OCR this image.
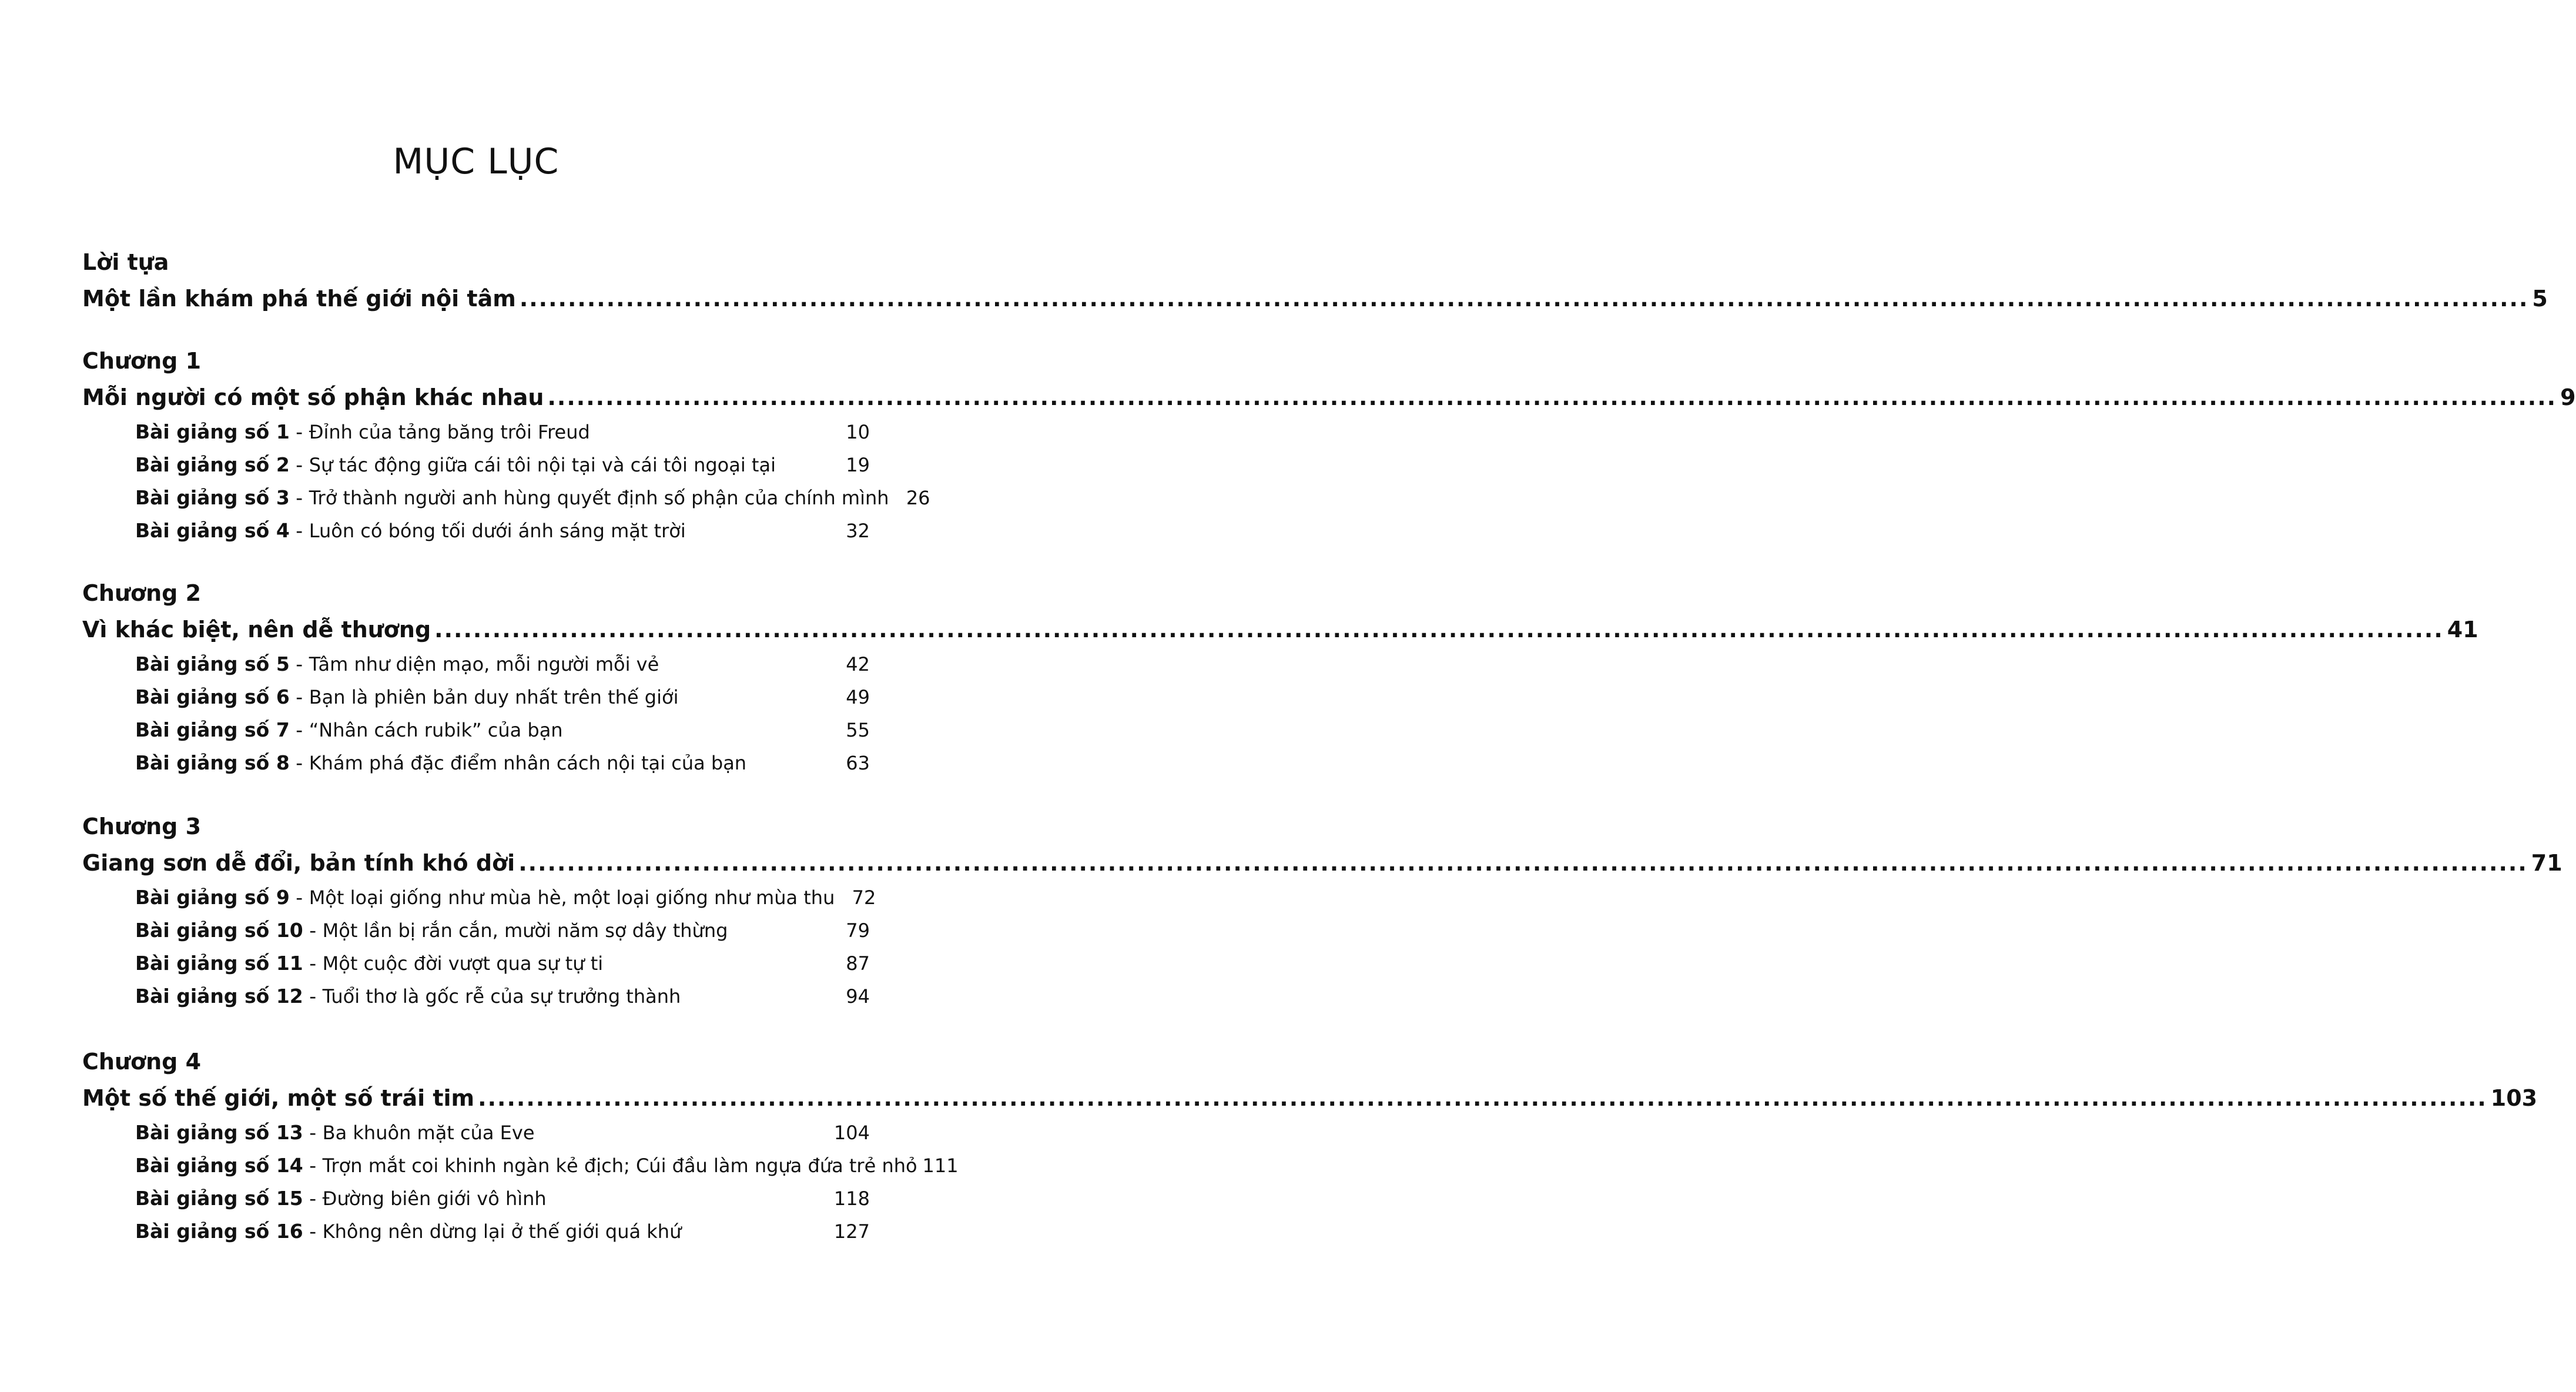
MỤC LỤC
Lời tựa
Một lần khám phá thế giới nội tâm .....	5
Chương 1
Mỗi người có một số phận khác nhau .....	9
Bài giảng số 1 - Đỉnh của tảng băng trôi Freud	10
Bài giảng số 2 - Sự tác động giữa cái tôi nội tại và cái tôi ngoại tại	19
Bài giảng số 3 - Trở thành người anh hùng quyết định số phận của chính mình 26
Bài giảng số 4 - Luôn có bóng tối dưới ánh sáng mặt trời	32
Chương 2
Vì khác biệt, nên dễ thương .....	41
Bài giảng số 5 - Tâm như diện mạo, mỗi người mỗi vẻ	42
Bài giảng số 6 - Bạn là phiên bản duy nhất trên thế giới	49
Bài giảng số 7 - “Nhân cách rubik” của bạn	55
Bài giảng số 8 - Khám phá đặc điểm nhân cách nội tại của bạn	63
Chương 3
Giang sơn dễ đổi, bản tính khó dời .....	71
Bài giảng số 9 - Một loại giống như mùa hè, một loại giống như mùa thu 72
Bài giảng số 10 - Một lần bị rắn cắn, mười năm sợ dây thừng	79
Bài giảng số 11 - Một cuộc đời vượt qua sự tự ti	87
Bài giảng số 12 - Tuổi thơ là gốc rễ của sự trưởng thành	94
Chương 4
Một số thế giới, một số trái tim .....	103
Bài giảng số 13 - Ba khuôn mặt của Eve	104
Bài giảng số 14 - Trợn mắt coi khinh ngàn kẻ địch; Cúi đầu làm ngựa đứa trẻ nhỏ 111
Bài giảng số 15 - Đường biên giới vô hình	118
Bài giảng số 16 - Không nên dừng lại ở thế giới quá khứ	127
